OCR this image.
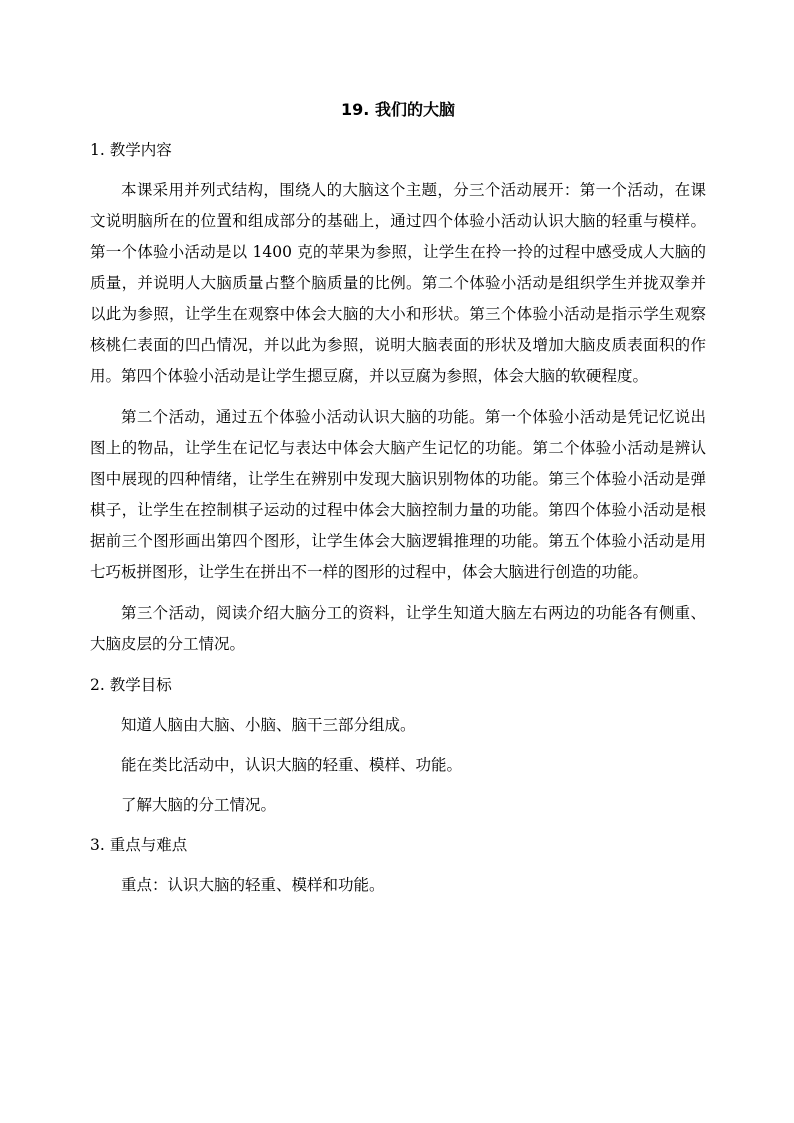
19. 我们的大脑
1. 教学内容

本课采用并列式结构，围绕人的大脑这个主题，分三个活动展开：第一个活动，在课文说明脑所在的位置和组成部分的基础上，通过四个体验小活动认识大脑的轻重与模样。第一个体验小活动是以 1400 克的苹果为参照，让学生在拎一拎的过程中感受成人大脑的质量，并说明人大脑质量占整个脑质量的比例。第二个体验小活动是组织学生并拢双拳并以此为参照，让学生在观察中体会大脑的大小和形状。第三个体验小活动是指示学生观察核桃仁表面的凹凸情况，并以此为参照，说明大脑表面的形状及增加大脑皮质表面积的作用。第四个体验小活动是让学生摁豆腐，并以豆腐为参照，体会大脑的软硬程度。

第二个活动，通过五个体验小活动认识大脑的功能。第一个体验小活动是凭记忆说出图上的物品，让学生在记忆与表达中体会大脑产生记忆的功能。第二个体验小活动是辨认图中展现的四种情绪，让学生在辨别中发现大脑识别物体的功能。第三个体验小活动是弹棋子，让学生在控制棋子运动的过程中体会大脑控制力量的功能。第四个体验小活动是根据前三个图形画出第四个图形，让学生体会大脑逻辑推理的功能。第五个体验小活动是用七巧板拼图形，让学生在拼出不一样的图形的过程中，体会大脑进行创造的功能。

第三个活动，阅读介绍大脑分工的资料，让学生知道大脑左右两边的功能各有侧重、大脑皮层的分工情况。

2. 教学目标
知道人脑由大脑、小脑、脑干三部分组成。
能在类比活动中，认识大脑的轻重、模样、功能。
了解大脑的分工情况。
3. 重点与难点
重点：认识大脑的轻重、模样和功能。
